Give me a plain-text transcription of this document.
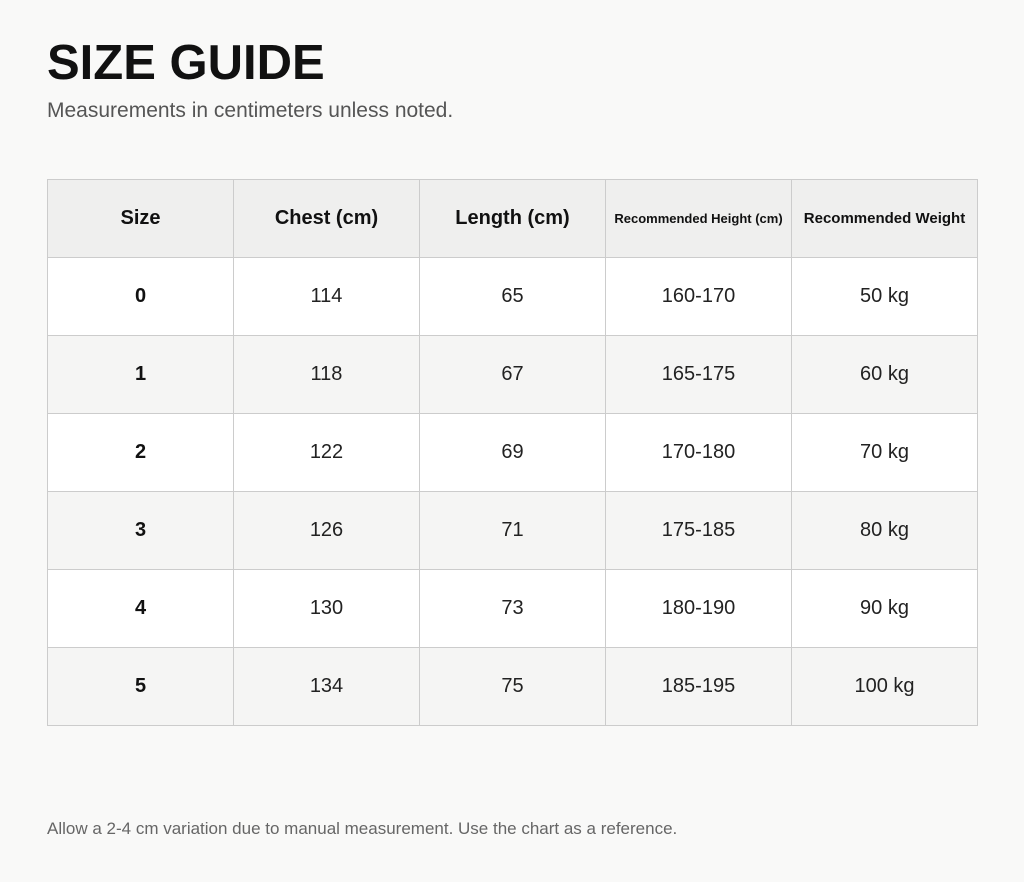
SIZE GUIDE

Measurements in centimeters unless noted.

Size	Chest (cm)	Length (cm)	Recommended Height (cm)	Recommended Weight
0	114	65	160-170	50 kg
1	118	67	165-175	60 kg
2	122	69	170-180	70 kg
3	126	71	175-185	80 kg
4	130	73	180-190	90 kg
5	134	75	185-195	100 kg

Allow a 2-4 cm variation due to manual measurement. Use the chart as a reference.
